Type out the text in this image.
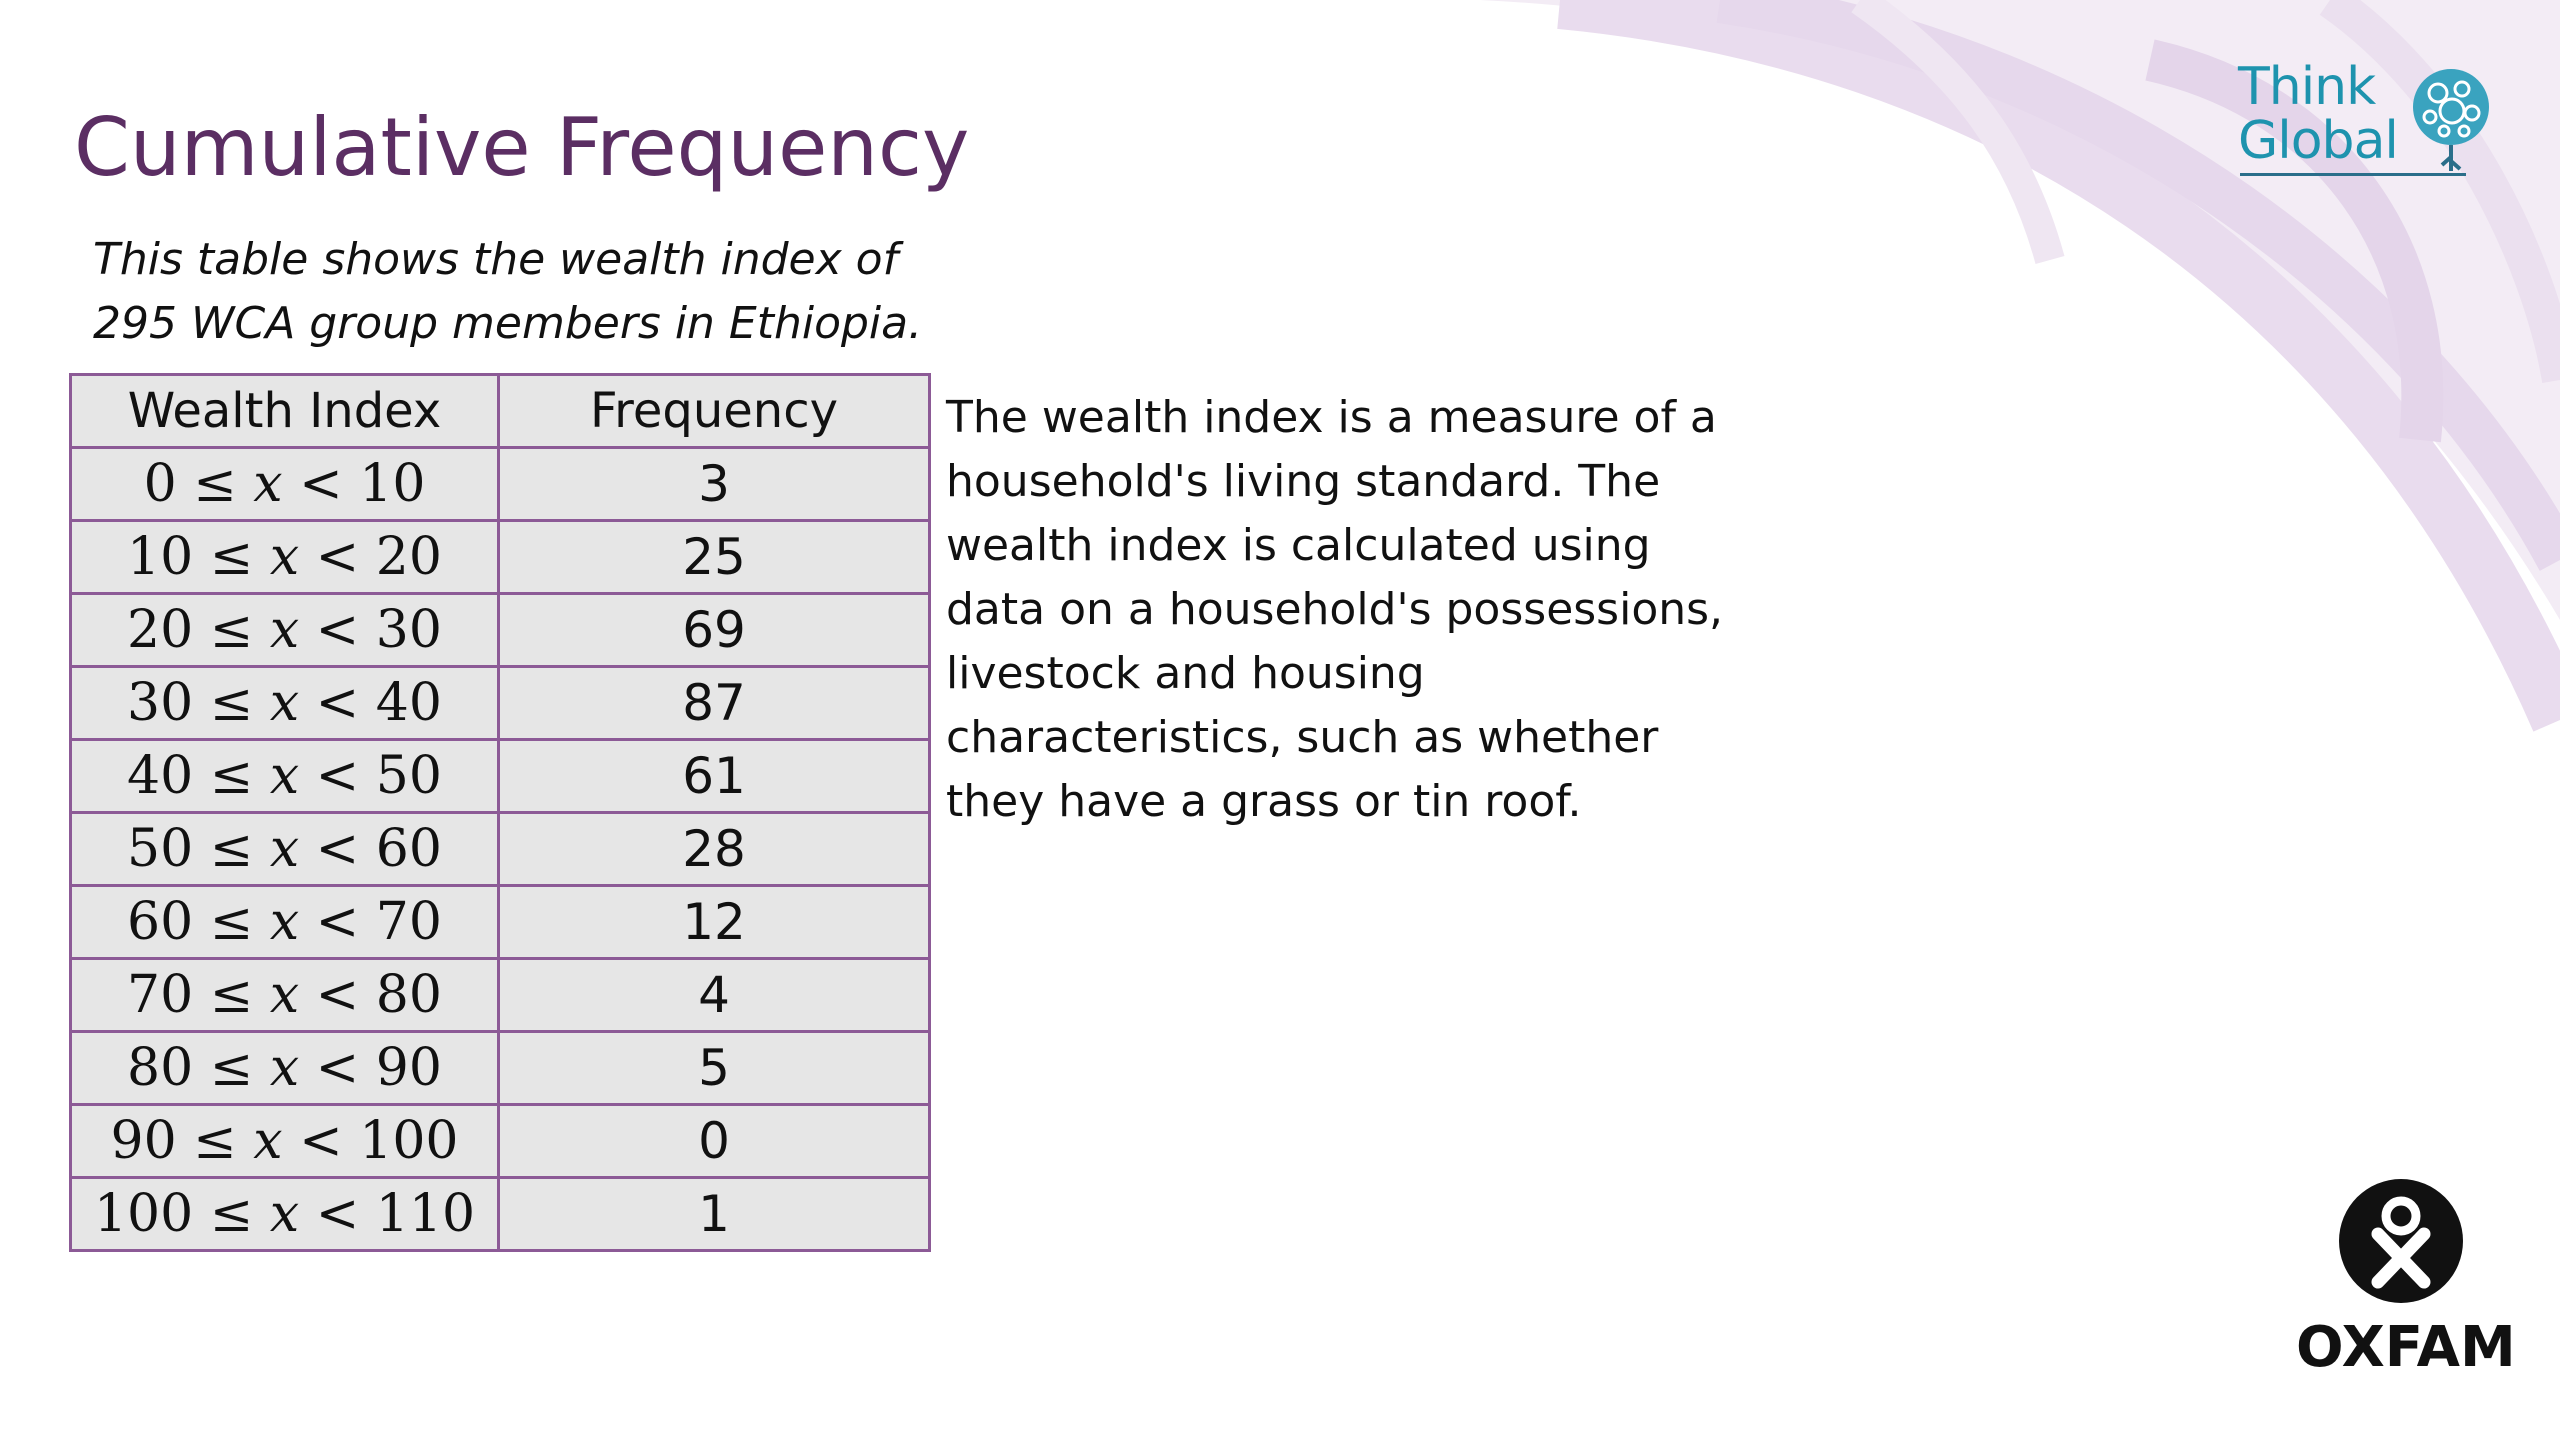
Cumulative Frequency

This table shows the wealth index of
295 WCA group members in Ethiopia.

Wealth Index	Frequency
0 ≤ 𝑥 < 10	3
10 ≤ 𝑥 < 20	25
20 ≤ 𝑥 < 30	69
30 ≤ 𝑥 < 40	87
40 ≤ 𝑥 < 50	61
50 ≤ 𝑥 < 60	28
60 ≤ 𝑥 < 70	12
70 ≤ 𝑥 < 80	4
80 ≤ 𝑥 < 90	5
90 ≤ 𝑥 < 100	0
100 ≤ 𝑥 < 110	1

The wealth index is a measure of a
household's living standard. The
wealth index is calculated using
data on a household's possessions,
livestock and housing
characteristics, such as whether
they have a grass or tin roof.

Think
Global
OXFAM
